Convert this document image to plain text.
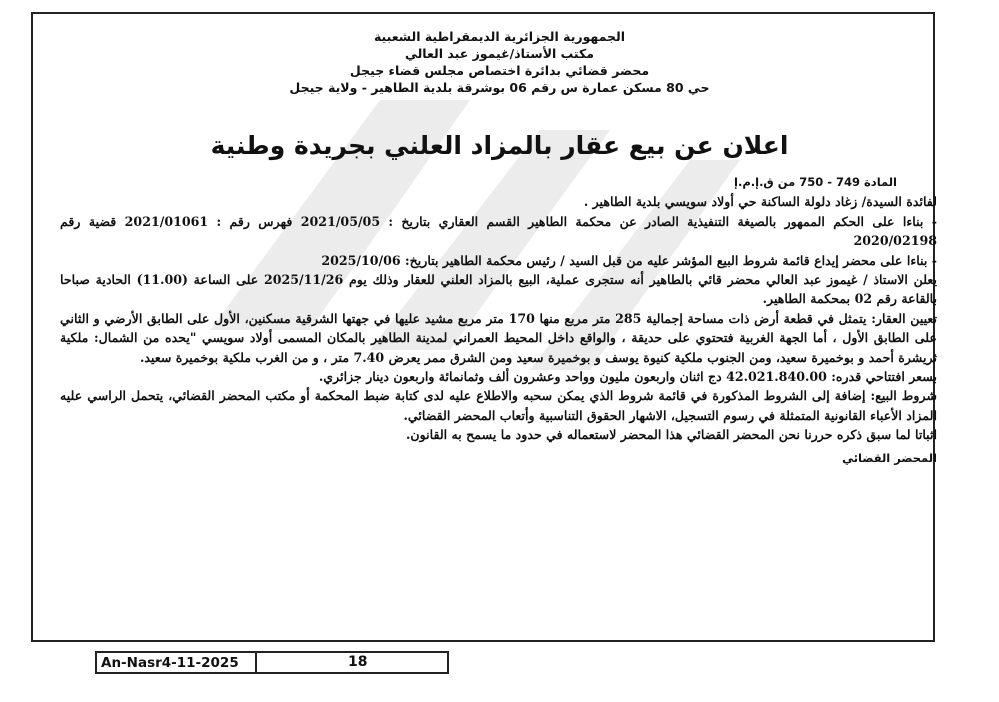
الجمهورية الجزائرية الديمقراطية الشعبية
مكتب الأستاذ/غيموز عبد العالي
محضر قضائي بدائرة اختصاص مجلس قضاء جيجل
حي 80 مسكن عمارة س رقم 06 بوشرقة بلدية الطاهير - ولاية جيجل
اعلان عن بيع عقار بالمزاد العلني بجريدة وطنية

المادة 749 - 750 من ق.إ.م.إ

لفائدة السيدة/ زغاد دلولة الساكنة حي أولاد سويسي بلدية الطاهير .

- بناءا على الحكم الممهور بالصيغة التنفيذية الصادر عن محكمة الطاهير القسم العقاري بتاريخ : 2021/05/05 فهرس رقم : 2021/01061 قضية رقم 2020/02198

- بناءا على محضر إيداع قائمة شروط البيع المؤشر عليه من قبل السيد / رئيس محكمة الطاهير بتاريخ: 2025/10/06

يعلن الاستاذ / غيموز عبد العالي محضر قائي بالطاهير أنه ستجرى عملية، البيع بالمزاد العلني للعقار وذلك يوم 2025/11/26 على الساعة (11.00) الحادية صباحا بالقاعة رقم 02 بمحكمة الطاهير.

تعيين العقار: يتمثل في قطعة أرض ذات مساحة إجمالية 285 متر مربع منها 170 متر مربع مشيد عليها في جهتها الشرقية مسكنين، الأول على الطابق الأرضي و الثاني على الطابق الأول ، أما الجهة الغربية فتحتوي على حديقة ، والواقع داخل المحيط العمراني لمدينة الطاهير بالمكان المسمى أولاد سويسي "يحده من الشمال: ملكية ثريشرة أحمد و بوخميرة سعيد، ومن الجنوب ملكية كنيوة يوسف و بوخميرة سعيد ومن الشرق ممر يعرض 7.40 متر ، و من الغرب ملكية بوخميرة سعيد.

بسعر افتتاحي قدره: 42.021.840.00 دج اثنان واربعون مليون وواحد وعشرون ألف وثمانمائة واربعون دينار جزائري.

شروط البيع: إضافة إلى الشروط المذكورة في قائمة شروط الذي يمكن سحبه والاطلاع عليه لدى كتابة ضبط المحكمة أو مكتب المحضر القضائي، يتحمل الراسي عليه المزاد الأعباء القانونية المتمثلة في رسوم التسجيل، الاشهار الحقوق التناسبية وأتعاب المحضر القضائي.

اثباتا لما سبق ذكره حررنا نحن المحضر القضائي هذا المحضر لاستعماله في حدود ما يسمح به القانون.

المحضر القضائي

An-Nasr4-11-2025	18
